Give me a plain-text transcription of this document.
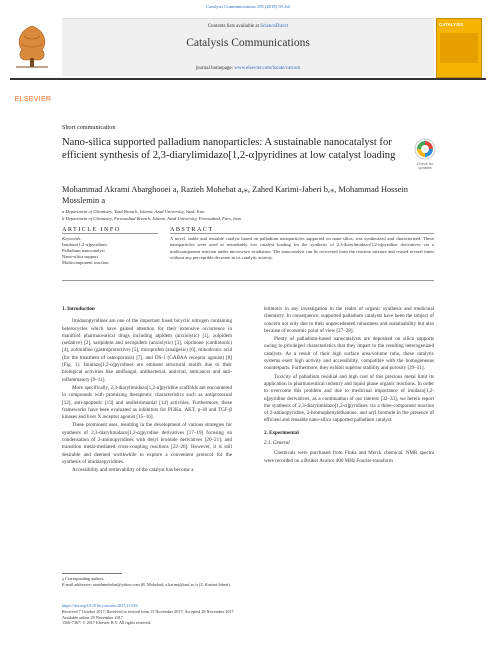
Catalysis Communications 105 (2018) 59–64
ELSEVIER
Contents lists available at ScienceDirect
Catalysis Communications
journal homepage: www.elsevier.com/locate/catcom
CATALYSIS
Short communication
Nano-silica supported palladium nanoparticles: A sustainable nanocatalyst for efficient synthesis of 2,3-diarylimidazo[1,2-α]pyridines at low catalyst loading
Check for updates
Mohammad Akrami Abarghooei a, Razieh Mohebat a,⁎, Zahed Karimi-Jaberi b,⁎, Mohammad Hossein Mosslemin a
a Department of Chemistry, Yazd Branch, Islamic Azad University, Yazd, Iran
b Department of Chemistry, Firoozabad Branch, Islamic Azad University, Firoozabad, Fars, Iran
ARTICLE INFO	ABSTRACT
Keywords:
Imidazo[1,2-α]pyridines
Palladium nanocatalyst
Nano-silica support
Multicomponent reaction
A novel, stable and reusable catalyst based on palladium nanoparticles supported on nano-silica, was synthesized and characterized. These nanoparticles were used at remarkably low catalyst loading for the synthesis of 2,3-diarylimidazo[1,2-α]pyridine derivatives via a multicomponent reaction under microwave irradiation. The nanocatalyst can be recovered from the reaction mixture and reused several times without any perceptible decrease in its catalytic activity.

1. Introduction

Imidazopyridines are one of the important fused bicyclic nitrogen containing heterocycles which have gained attention for their extensive occurrence in manifold pharmaceutical drugs including alpidem (anxiolytic) [1], zolpidem (sedative) [2], saripidem and necopidem (anxiolytic) [3], olprinone (cardiotonic) [4], zolimidine (gastroprotective) [5], miroprofen (analgesic) [6], minodronic acid (for the treatment of osteoporosis) [7], and DS-1 (GABAA receptor agonist) [8] (Fig. 1). Imidazo[1,2-α]pyridines are eminent structural motifs due to their biological activities like antifungal, antibacterial, antiviral, anticancer and anti-inflammatory [9–11].

More specifically, 2,3-diarylimidazo[1,2-α]pyridine scaffolds are encountered in compounds with promising therapeutic characteristics such as antiprotozoal [12], anti-apoptotic [13] and antileishmanial [14] activities. Furthermore, these frameworks have been evaluated as inhibitors for PI3Kα, AKT, p-38 and TGF-β kinases and liver X receptor agonist [15–16].

These prominent uses, resulting in the development of various strategies for synthesis of 2,3-diarylimidazo[1,2-α]pyridine derivatives [17–19] focusing on condensation of 2-aminopyridines with desyl bromide derivatives [20–21]; and transition metal-mediated cross-coupling reactions [22–26]. However, it is still desirable and deemed worthwhile to explore a convenient protocol for the synthesis of imidazopyridines.

Accessibility and retrievability of the catalyst has become a

leitmotiv in any investigation in the realm of organic synthesis and medicinal chemistry. In consequence, supported palladium catalysts have been the subject of concern not only due to their unprecedented robustness and sustainability but also because of economic point of view [27–28].

Plenty of palladium-based nanocatalysts are deposited on silica supports owing to privileged characteristics that they impart to the resulting heterogenized catalysts. As a result of their high surface area/volume ratio, these catalytic systems exert high activity and accessibility, compatible with the homogeneous counterparts. Furthermore, they exhibit superior stability and porosity [29–31].

Toxicity of palladium residual and high cost of this precious metal limit its application in pharmaceutical industry and liquid phase organic reactions. In order to overcome this problem and due to medicinal importance of imidazo[1,2-α]pyridine derivatives, as a continuation of our interest [32–33], we herein report the synthesis of 2,3-diarylimidazo[1,2-α]pyridines via a three-component reaction of 2-aminopyridine, 2-bromophenylethanone, and aryl bromide in the presence of efficient and reusable nano-silica supported palladium catalyst.

2. Experimental

2.1. General

Chemicals were purchased from Fluka and Merck chemical. NMR spectra were recorded on a Brüker Avance 400 MHz Fourier-transform

⁎ Corresponding authors.
E-mail addresses: raziehmohebat@yahoo.com (R. Mohebat), z.karimi@iauf.ac.ir (Z. Karimi-Jaberi).
https://doi.org/10.1016/j.catcom.2017.11.016
Received 7 October 2017; Received in revised form 15 November 2017; Accepted 28 November 2017
Available online 29 November 2017
1566-7367/ © 2017 Elsevier B.V. All rights reserved.
